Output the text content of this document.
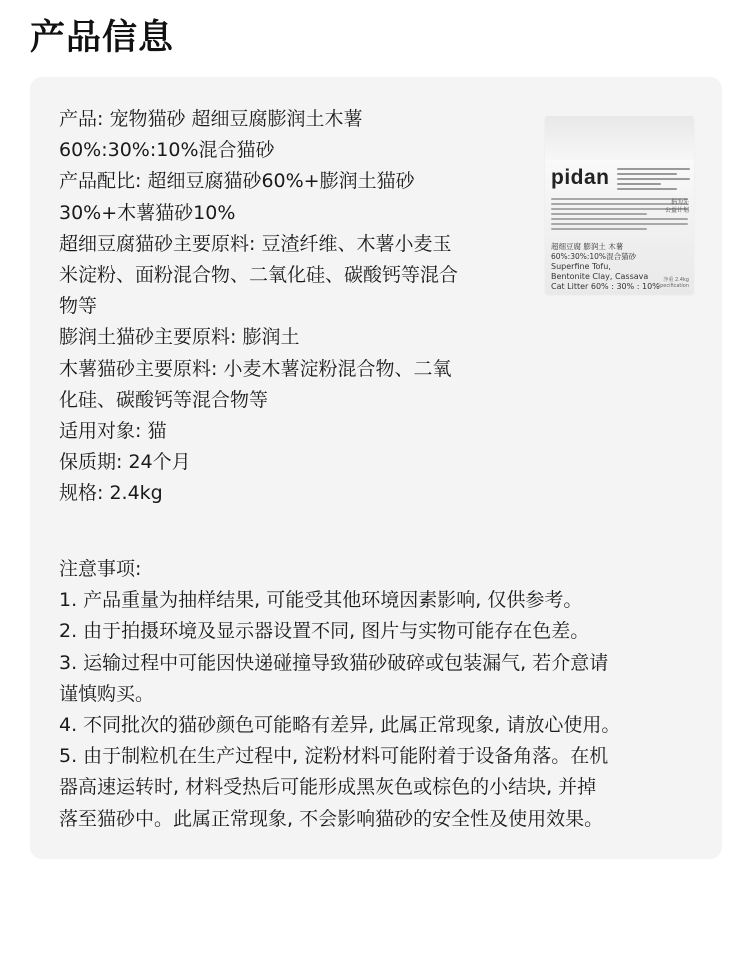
产品信息

产品: 宠物猫砂 超细豆腐膨润土木薯

60%:30%:10%混合猫砂

产品配比: 超细豆腐猫砂60%+膨润土猫砂

30%+木薯猫砂10%

超细豆腐猫砂主要原料: 豆渣纤维、木薯小麦玉

米淀粉、面粉混合物、二氧化硅、碳酸钙等混合

物等

膨润土猫砂主要原料: 膨润土

木薯猫砂主要原料: 小麦木薯淀粉混合物、二氧

化硅、碳酸钙等混合物等

适用对象: 猫

保质期: 24个月

规格: 2.4kg

pidan
捐为先
公益计划
超细豆腐 膨润土 木薯
60%:30%:10%混合猫砂
Superfine Tofu,
Bentonite Clay, Cassava
Cat Litter 60% : 30% : 10%
净重 2.4kg
Specification

注意事项:

1. 产品重量为抽样结果, 可能受其他环境因素影响, 仅供参考。

2. 由于拍摄环境及显示器设置不同, 图片与实物可能存在色差。

3. 运输过程中可能因快递碰撞导致猫砂破碎或包装漏气, 若介意请

谨慎购买。

4. 不同批次的猫砂颜色可能略有差异, 此属正常现象, 请放心使用。

5. 由于制粒机在生产过程中, 淀粉材料可能附着于设备角落。在机

器高速运转时, 材料受热后可能形成黑灰色或棕色的小结块, 并掉

落至猫砂中。此属正常现象, 不会影响猫砂的安全性及使用效果。
